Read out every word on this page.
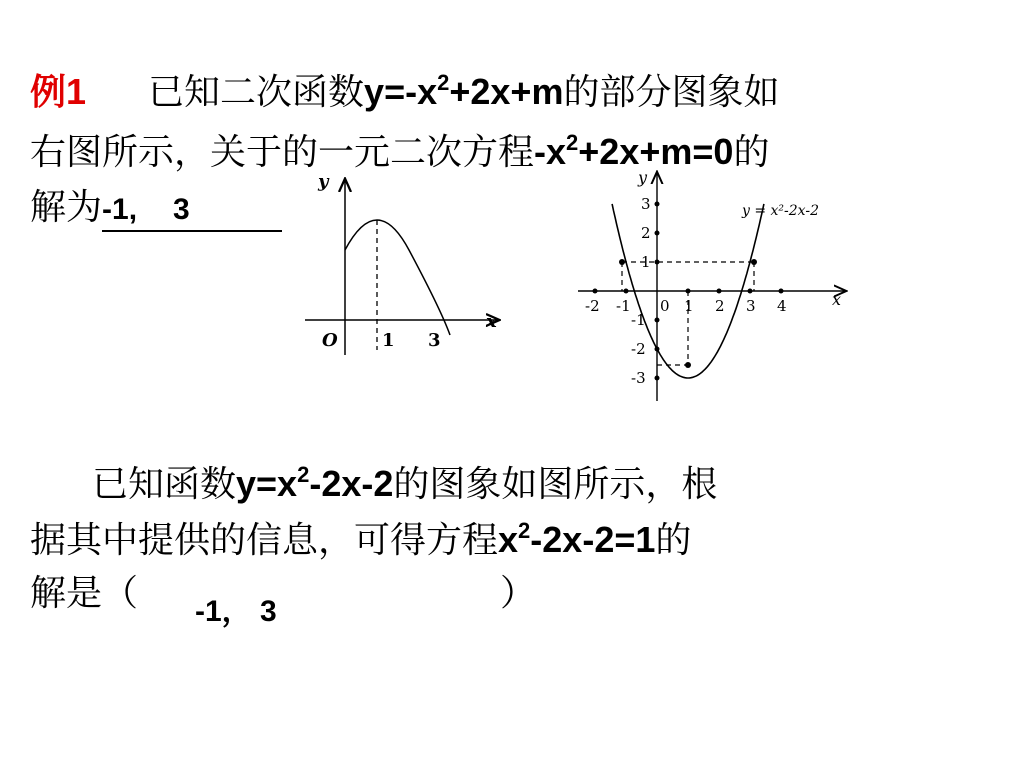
例1 已知二次函数$y=-x^2+2x+m$的部分图象如
右图所示，关于的一元二次方程$-x^2+2x+m=0$的
解为-1, 3
y
x
O 1 3
y
x
y = x²-2x-2
-2 -1 0 1 2 3 4
3
2
1
-1
-2
-3
已知函数$y=x^2-2x-2$的图象如图所示，根
据其中提供的信息，可得方程$x^2-2x-2=1$的
解是（ -1， 3	）
